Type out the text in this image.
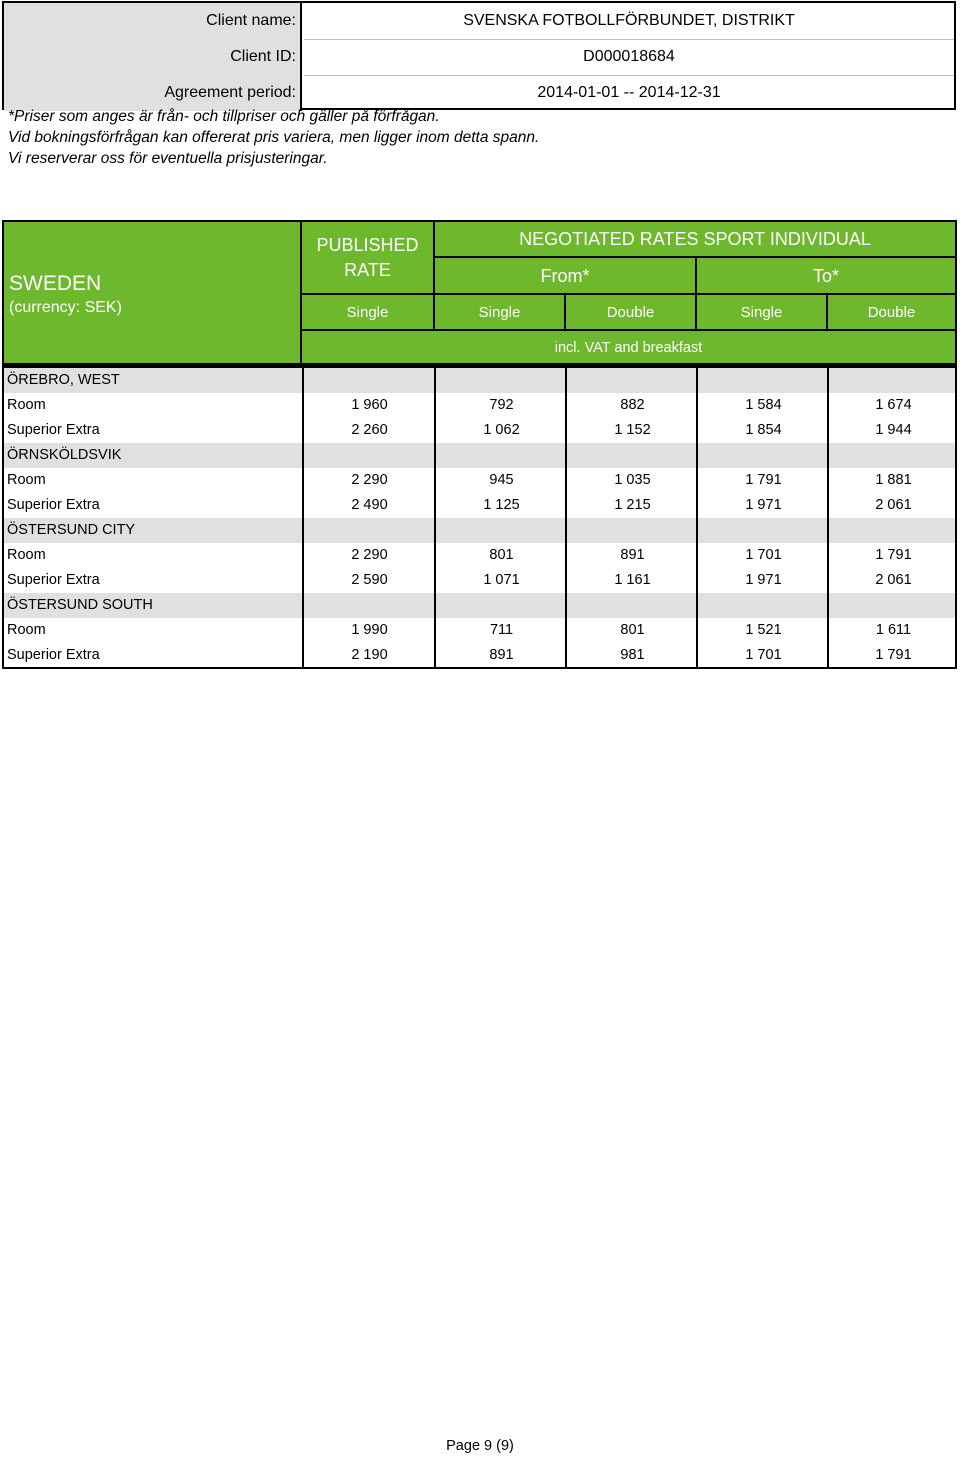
Client name:	SVENSKA FOTBOLLFÖRBUNDET, DISTRIKT
Client ID:	D000018684
Agreement period:	2014-01-01 -- 2014-12-31
*Priser som anges är från- och tillpriser och gäller på förfrågan.
Vid bokningsförfrågan kan offererat pris variera, men ligger inom detta spann.
Vi reserverar oss för eventuella prisjusteringar.
SWEDEN
(currency: SEK)
PUBLISHED
RATE
NEGOTIATED RATES SPORT INDIVIDUAL
From*	To*
Single	Single	Double	Single	Double
incl. VAT and breakfast
ÖREBRO, WEST
Room	1 960	792	882	1 584	1 674
Superior Extra	2 260	1 062	1 152	1 854	1 944
ÖRNSKÖLDSVIK
Room	2 290	945	1 035	1 791	1 881
Superior Extra	2 490	1 125	1 215	1 971	2 061
ÖSTERSUND CITY
Room	2 290	801	891	1 701	1 791
Superior Extra	2 590	1 071	1 161	1 971	2 061
ÖSTERSUND SOUTH
Room	1 990	711	801	1 521	1 611
Superior Extra	2 190	891	981	1 701	1 791
Page 9 (9)
